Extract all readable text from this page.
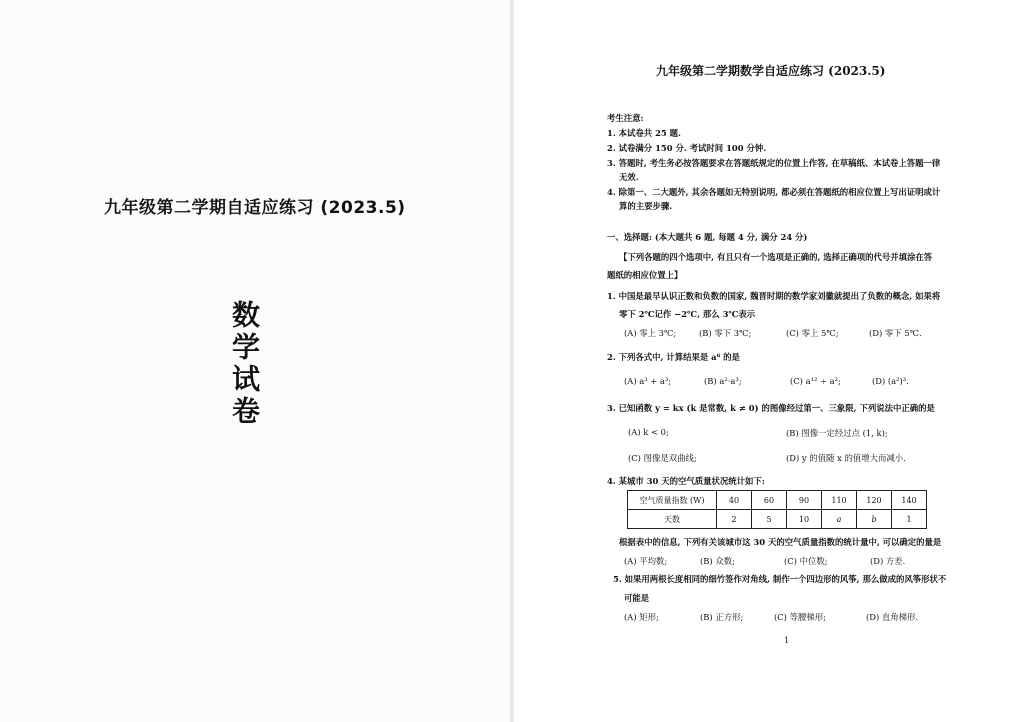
九年级第二学期自适应练习 (2023.5)
数学试卷
九年级第二学期数学自适应练习 (2023.5)
考生注意:
1. 本试卷共 25 题.
2. 试卷满分 150 分. 考试时间 100 分钟.
3. 答题时, 考生务必按答题要求在答题纸规定的位置上作答, 在草稿纸、本试卷上答题一律
无效.
4. 除第一、二大题外, 其余各题如无特别说明, 都必须在答题纸的相应位置上写出证明或计
算的主要步骤.
一、选择题: (本大题共 6 题, 每题 4 分, 满分 24 分)
【下列各题的四个选项中, 有且只有一个选项是正确的, 选择正确项的代号并填涂在答
题纸的相应位置上】
1. 中国是最早认识正数和负数的国家, 魏晋时期的数学家刘徽就提出了负数的概念, 如果将
零下 2℃记作 −2℃, 那么 3℃表示
(A) 零上 3℃;	(B) 零下 3℃;	(C) 零上 5℃;	(D) 零下 5℃.
2. 下列各式中, 计算结果是 a⁶ 的是
(A) a³ + a³;	(B) a²·a³;	(C) a¹² ÷ a²;	(D) (a²)³.
3. 已知函数 y = kx (k 是常数, k ≠ 0) 的图像经过第一、三象限, 下列说法中正确的是
(A) k < 0;	(B) 图像一定经过点 (1, k);
(C) 图像是双曲线;	(D) y 的值随 x 的值增大而减小.
4. 某城市 30 天的空气质量状况统计如下:
空气质量指数 (W)	40	60	90	110	120	140
天数	2	5	10	a	b	1
根据表中的信息, 下列有关该城市这 30 天的空气质量指数的统计量中, 可以确定的量是
(A) 平均数;	(B) 众数;	(C) 中位数;	(D) 方差.
5. 如果用两根长度相同的细竹签作对角线, 制作一个四边形的风筝, 那么做成的风筝形状不
可能是
(A) 矩形;	(B) 正方形;	(C) 等腰梯形;	(D) 直角梯形.
1
